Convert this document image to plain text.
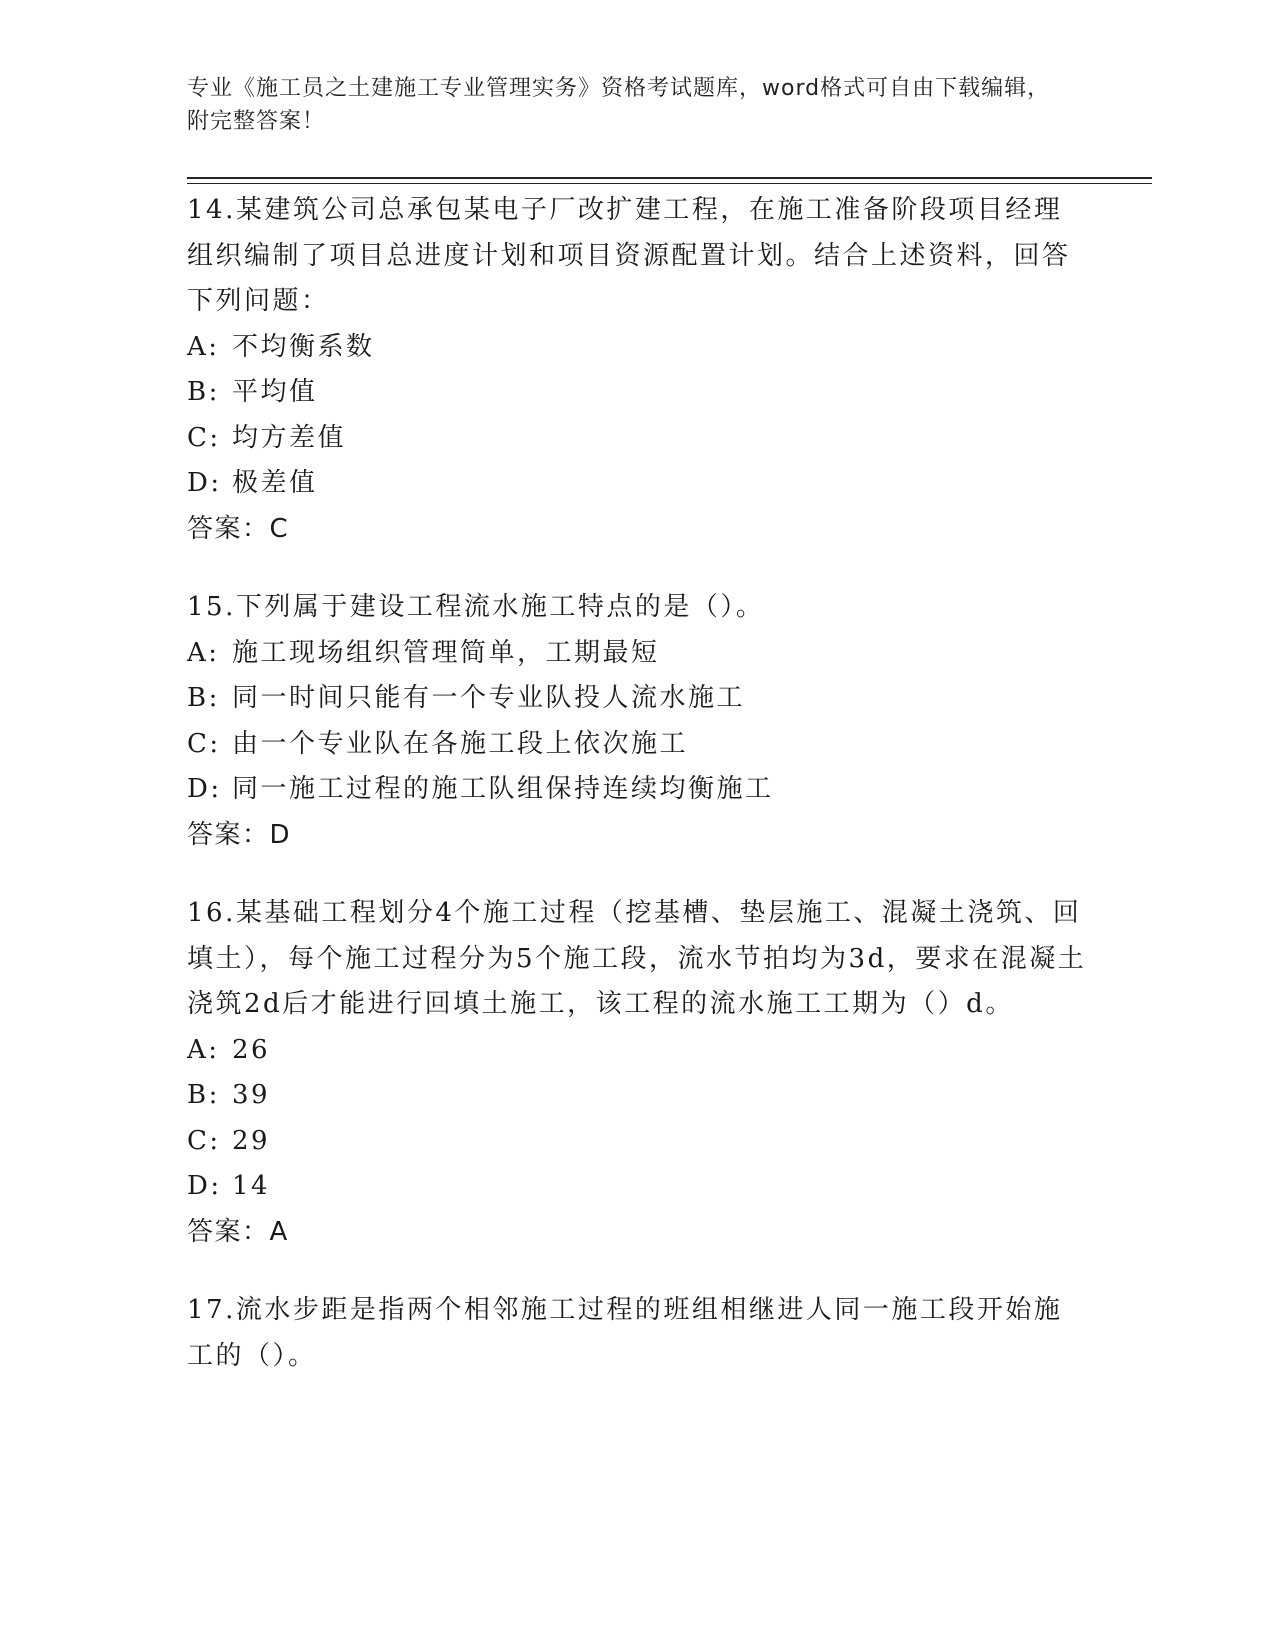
专业《施工员之土建施工专业管理实务》资格考试题库，word格式可自由下载编辑，附完整答案！
14.某建筑公司总承包某电子厂改扩建工程，在施工准备阶段项目经理组织编制了项目总进度计划和项目资源配置计划。结合上述资料，回答下列问题：
A: 不均衡系数
B: 平均值
C: 均方差值
D: 极差值
答案：C
15.下列属于建设工程流水施工特点的是（）。
A: 施工现场组织管理简单，工期最短
B: 同一时间只能有一个专业队投人流水施工
C: 由一个专业队在各施工段上依次施工
D: 同一施工过程的施工队组保持连续均衡施工
答案：D
16.某基础工程划分4个施工过程（挖基槽、垫层施工、混凝土浇筑、回填土），每个施工过程分为5个施工段，流水节拍均为3d，要求在混凝土浇筑2d后才能进行回填土施工，该工程的流水施工工期为（）d。
A: 26
B: 39
C: 29
D: 14
答案：A
17.流水步距是指两个相邻施工过程的班组相继进人同一施工段开始施工的（）。
